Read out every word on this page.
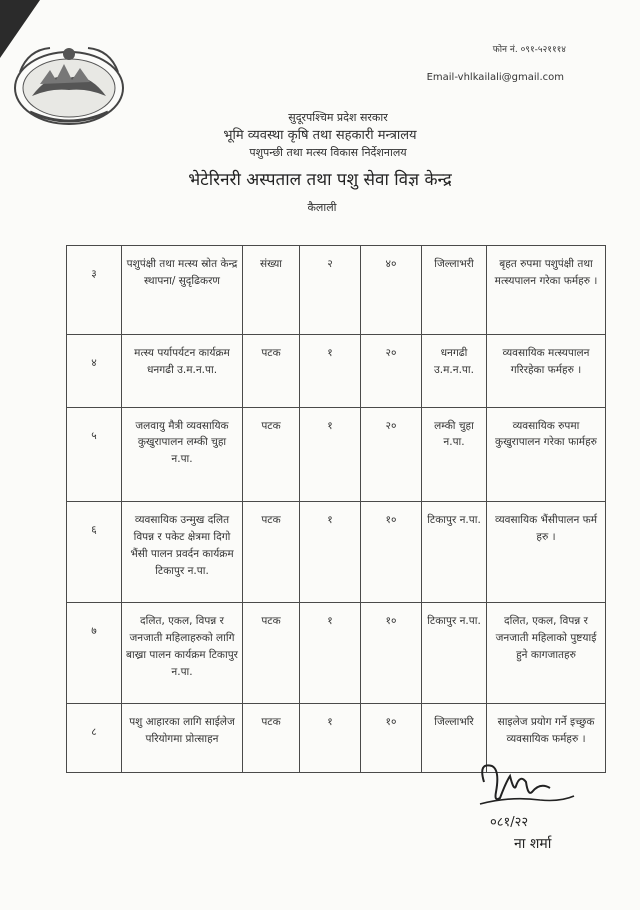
फोन नं. ०९१-५२१११४
Email-vhlkailali@gmail.com
सुदूरपश्चिम प्रदेश सरकार
भूमि व्यवस्था कृषि तथा सहकारी मन्त्रालय
पशुपन्छी तथा मत्स्य विकास निर्देशनालय
भेटेरिनरी अस्पताल तथा पशु सेवा विज्ञ केन्द्र
कैलाली
३	पशुपंक्षी तथा मत्स्य स्रोत केन्द्र स्थापना/ सुदृढिकरण	संख्या	२	४०	जिल्लाभरी	बृहत रुपमा पशुपंक्षी तथा मत्स्यपालन गरेका फर्महरु ।
४	मत्स्य पर्यापर्यटन कार्यक्रम धनगढी उ.म.न.पा.	पटक	१	२०	धनगढी उ.म.न.पा.	व्यवसायिक मत्स्यपालन गरिरहेका फर्महरु ।
५	जलवायु मैत्री व्यवसायिक कुखुरापालन लम्की चुहा न.पा.	पटक	१	२०	लम्की चुहा न.पा.	व्यवसायिक रुपमा कुखुरापालन गरेका फार्महरु
६	व्यवसायिक उन्मुख दलित विपन्न र पकेट क्षेत्रमा दिगो भैंसी पालन प्रवर्दन कार्यक्रम टिकापुर न.पा.	पटक	१	१०	टिकापुर न.पा.	व्यवसायिक भैंसीपालन फर्म हरु ।
७	दलित, एकल, विपन्न र जनजाती महिलाहरुको लागि बाख्रा पालन कार्यक्रम टिकापुर न.पा.	पटक	१	१०	टिकापुर न.पा.	दलित, एकल, विपन्न र जनजाती महिलाको पुष्टयाई हुने कागजातहरु
८	पशु आहारका लागि साईलेज परियोगमा प्रोत्साहन	पटक	१	१०	जिल्लाभरि	साइलेज प्रयोग गर्ने इच्छुक व्यवसायिक फर्महरु ।
०८१/२२
ना शर्मा
